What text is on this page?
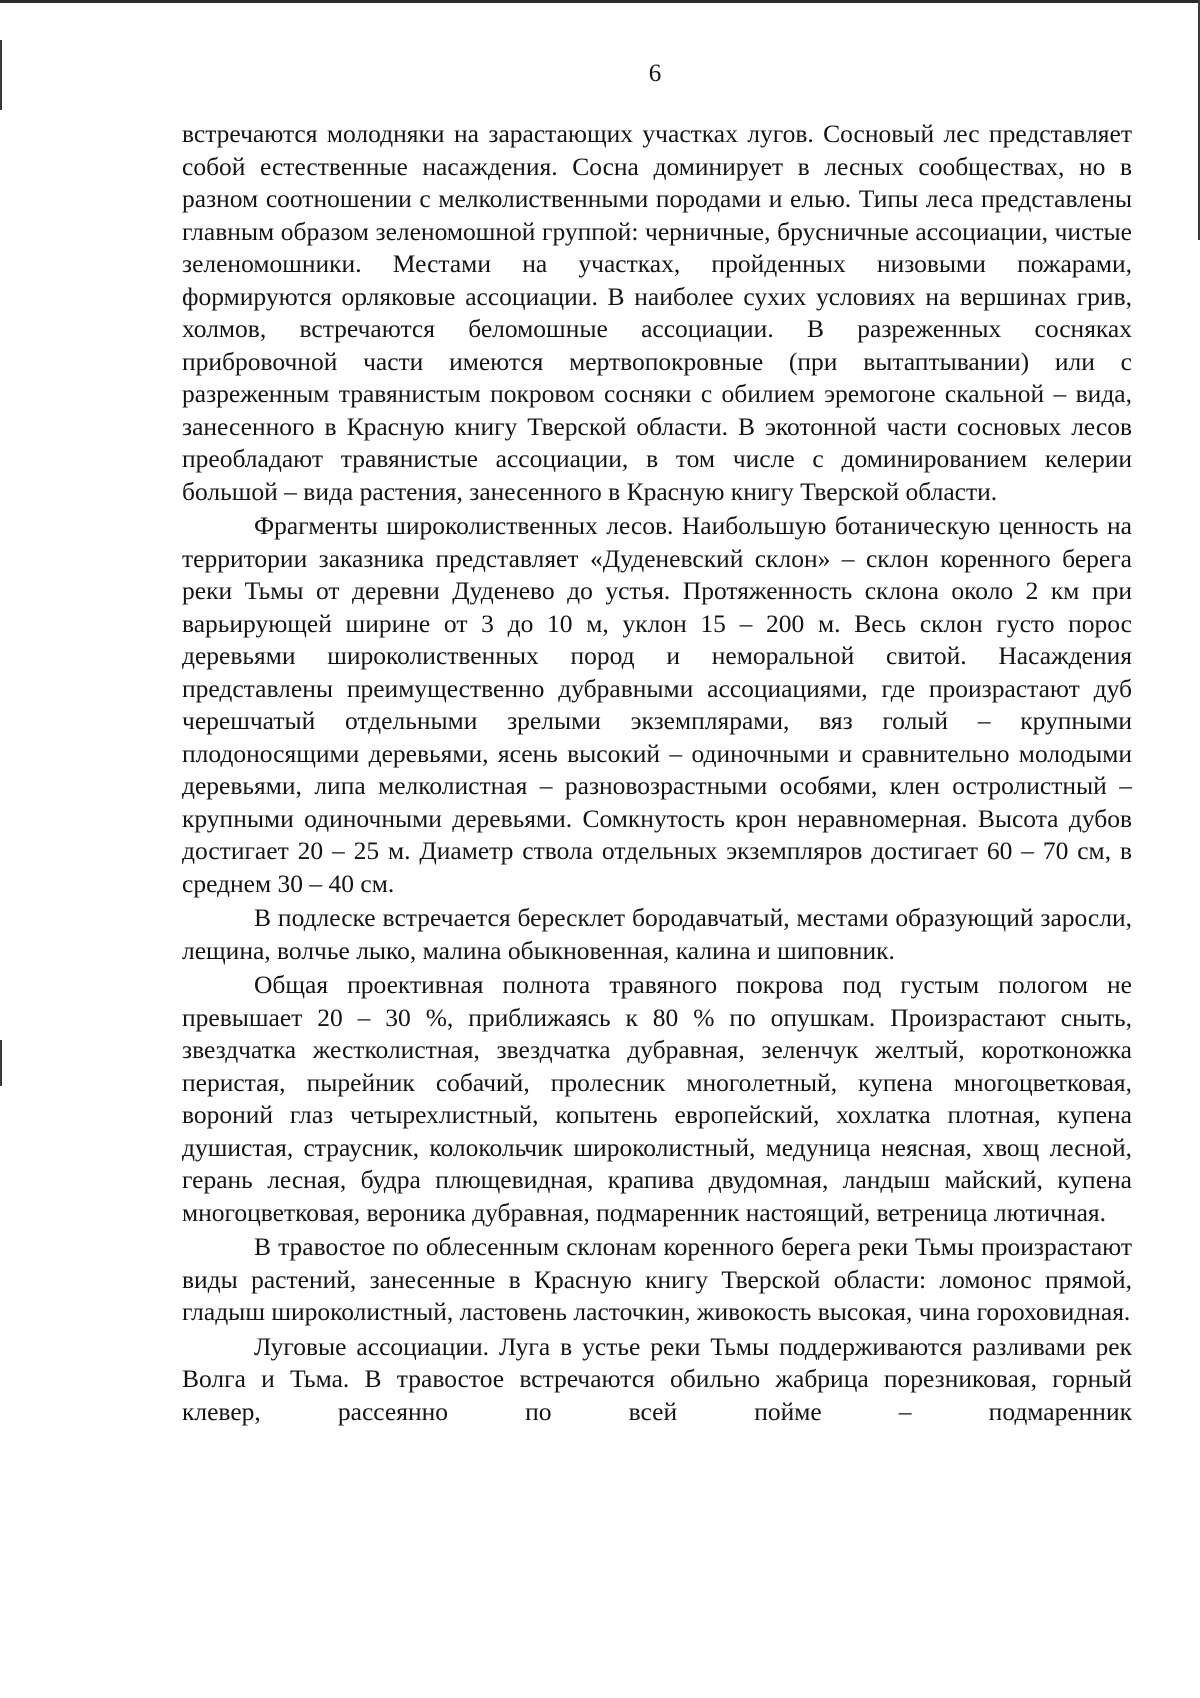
6

встречаются молодняки на зарастающих участках лугов. Сосновый лес представляет собой естественные насаждения. Сосна доминирует в лесных сообществах, но в разном соотношении с мелколиственными породами и елью. Типы леса представлены главным образом зеленомошной группой: черничные, брусничные ассоциации, чистые зеленомошники. Местами на участках, пройденных низовыми пожарами, формируются орляковые ассоциации. В наиболее сухих условиях на вершинах грив, холмов, встречаются беломошные ассоциации. В разреженных сосняках прибровочной части имеются мертвопокровные (при вытаптывании) или с разреженным травянистым покровом сосняки с обилием эремогоне скальной – вида, занесенного в Красную книгу Тверской области. В экотонной части сосновых лесов преобладают травянистые ассоциации, в том числе с доминированием келерии большой – вида растения, занесенного в Красную книгу Тверской области.

Фрагменты широколиственных лесов. Наибольшую ботаническую ценность на территории заказника представляет «Дуденевский склон» – склон коренного берега реки Тьмы от деревни Дуденево до устья. Протяженность склона около 2 км при варьирующей ширине от 3 до 10 м, уклон 15 – 200 м. Весь склон густо порос деревьями широколиственных пород и неморальной свитой. Насаждения представлены преимущественно дубравными ассоциациями, где произрастают дуб черешчатый отдельными зрелыми экземплярами, вяз голый – крупными плодоносящими деревьями, ясень высокий – одиночными и сравнительно молодыми деревьями, липа мелколистная – разновозрастными особями, клен остролистный – крупными одиночными деревьями. Сомкнутость крон неравномерная. Высота дубов достигает 20 – 25 м. Диаметр ствола отдельных экземпляров достигает 60 – 70 см, в среднем 30 – 40 см.

В подлеске встречается бересклет бородавчатый, местами образующий заросли, лещина, волчье лыко, малина обыкновенная, калина и шиповник.

Общая проективная полнота травяного покрова под густым пологом не превышает 20 – 30 %, приближаясь к 80 % по опушкам. Произрастают сныть, звездчатка жестколистная, звездчатка дубравная, зеленчук желтый, коротконожка перистая, пырейник собачий, пролесник многолетный, купена многоцветковая, вороний глаз четырехлистный, копытень европейский, хохлатка плотная, купена душистая, страусник, колокольчик широколистный, медуница неясная, хвощ лесной, герань лесная, будра плющевидная, крапива двудомная, ландыш майский, купена многоцветковая, вероника дубравная, подмаренник настоящий, ветреница лютичная.

В травостое по облесенным склонам коренного берега реки Тьмы произрастают виды растений, занесенные в Красную книгу Тверской области: ломонос прямой, гладыш широколистный, ластовень ласточкин, живокость высокая, чина гороховидная.

Луговые ассоциации. Луга в устье реки Тьмы поддерживаются разливами рек Волга и Тьма. В травостое встречаются обильно жабрица порезниковая, горный клевер, рассеянно по всей пойме – подмаренник
